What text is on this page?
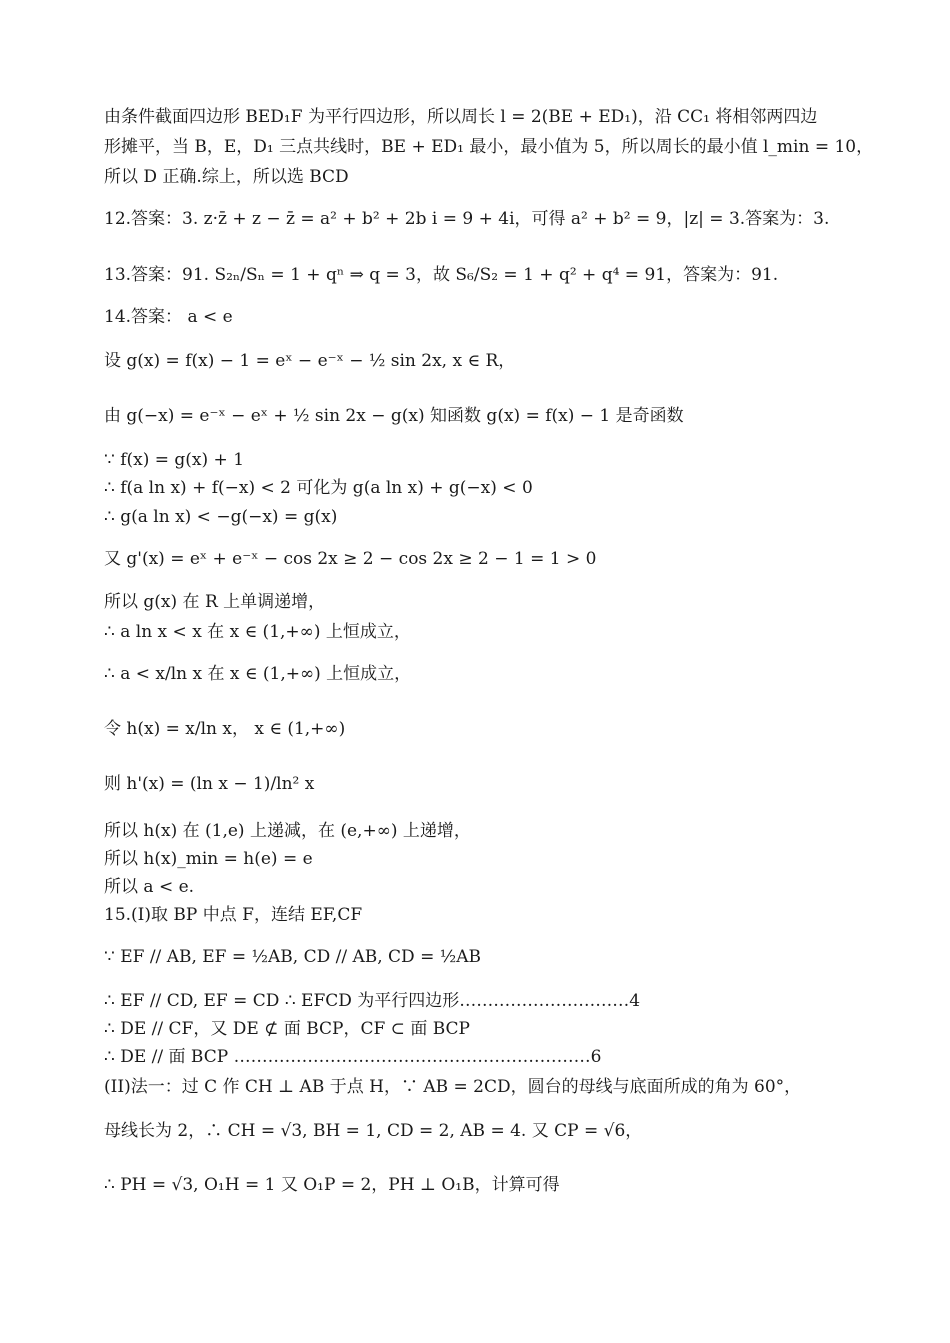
由条件截面四边形 BED₁F 为平行四边形，所以周长 l = 2(BE + ED₁)，沿 CC₁ 将相邻两四边
形摊平，当 B，E，D₁ 三点共线时，BE + ED₁ 最小，最小值为 5，所以周长的最小值 l_min = 10，
所以 D 正确.综上，所以选 BCD
12.答案：3. z·z̄ + z − z̄ = a² + b² + 2b i = 9 + 4i，可得 a² + b² = 9，|z| = 3.答案为：3.
13.答案：91. S₂ₙ/Sₙ = 1 + qⁿ ⇒ q = 3，故 S₆/S₂ = 1 + q² + q⁴ = 91，答案为：91.
14.答案： a < e
设 g(x) = f(x) − 1 = eˣ − e⁻ˣ − ½ sin 2x, x ∈ R，
由 g(−x) = e⁻ˣ − eˣ + ½ sin 2x − g(x) 知函数 g(x) = f(x) − 1 是奇函数
∵ f(x) = g(x) + 1
∴ f(a ln x) + f(−x) < 2 可化为 g(a ln x) + g(−x) < 0
∴ g(a ln x) < −g(−x) = g(x)
又 g'(x) = eˣ + e⁻ˣ − cos 2x ≥ 2 − cos 2x ≥ 2 − 1 = 1 > 0
所以 g(x) 在 R 上单调递增，
∴ a ln x < x 在 x ∈ (1,+∞) 上恒成立，
∴ a < x/ln x 在 x ∈ (1,+∞) 上恒成立，
令 h(x) = x/ln x， x ∈ (1,+∞)
则 h'(x) = (ln x − 1)/ln² x
所以 h(x) 在 (1,e) 上递减，在 (e,+∞) 上递增，
所以 h(x)_min = h(e) = e
所以 a < e.
15.(I)取 BP 中点 F，连结 EF,CF
∵ EF // AB, EF = ½AB, CD // AB, CD = ½AB
∴ EF // CD, EF = CD ∴ EFCD 为平行四边形…………………………4
∴ DE // CF，又 DE ⊄ 面 BCP，CF ⊂ 面 BCP
∴ DE // 面 BCP ………………………………………………………6
(II)法一：过 C 作 CH ⊥ AB 于点 H，∵ AB = 2CD，圆台的母线与底面所成的角为 60°，
母线长为 2，∴ CH = √3, BH = 1, CD = 2, AB = 4. 又 CP = √6，
∴ PH = √3, O₁H = 1 又 O₁P = 2，PH ⊥ O₁B，计算可得
